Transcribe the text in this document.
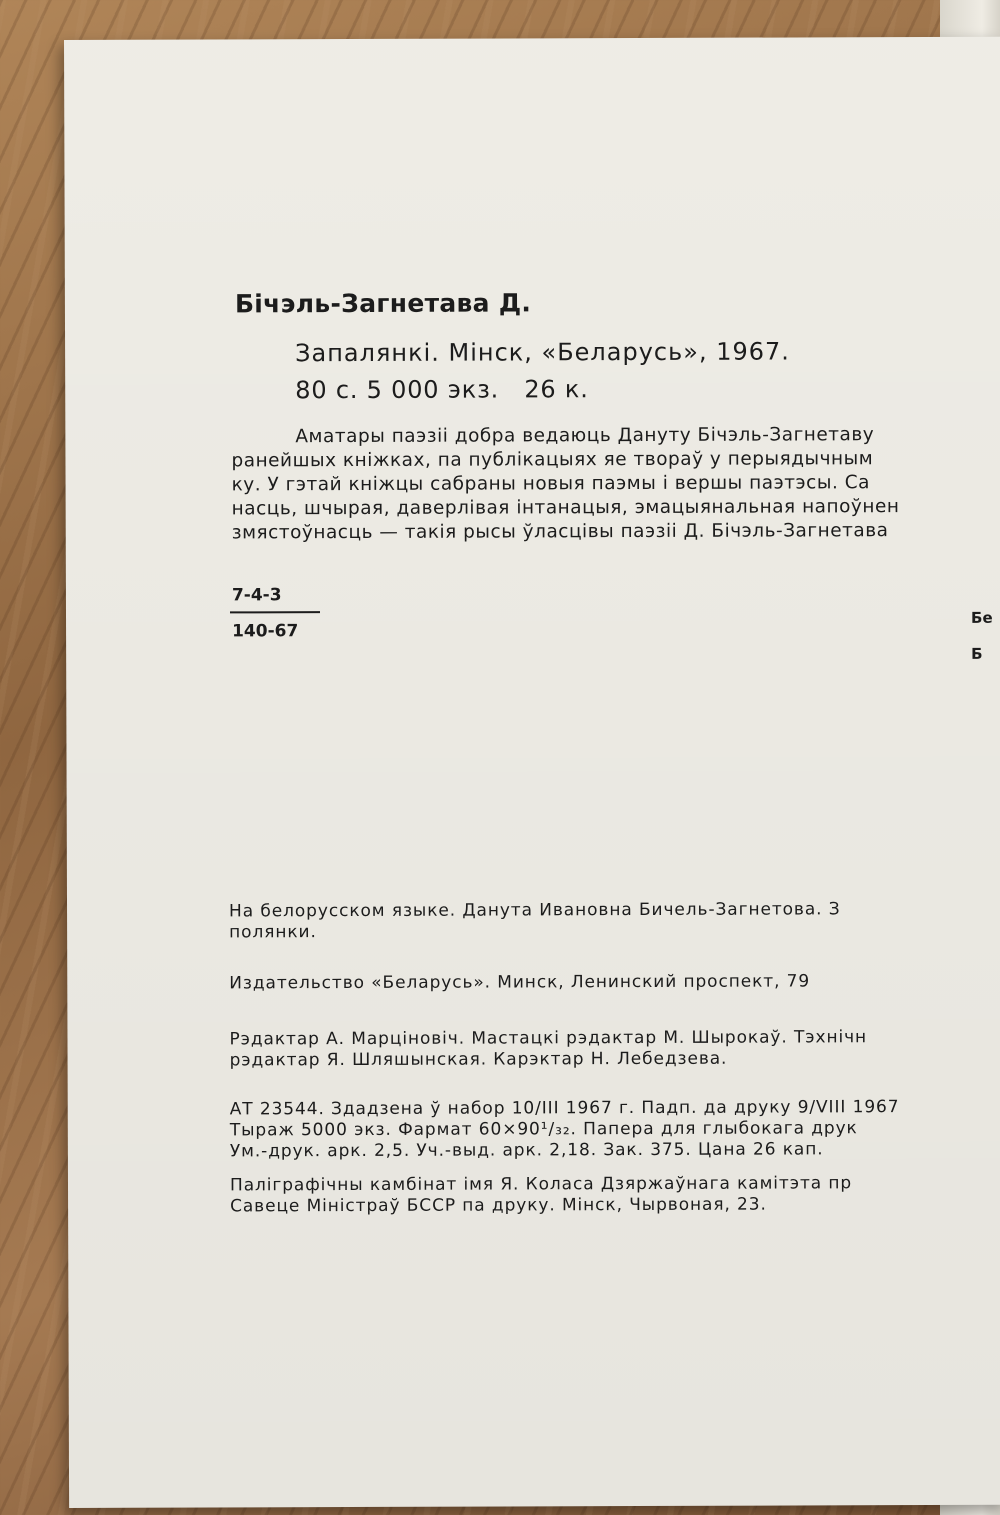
Бічэль-Загнетава Д.
Запалянкі. Мінск, «Беларусь», 1967.
80 с. 5 000 экз.   26 к.
Аматары паэзіі добра ведаюць Дануту Бічэль-Загнетаву
ранейшых кніжках, па публікацыях яе твораў у перыядычным
ку. У гэтай кніжцы сабраны новыя паэмы і вершы паэтэсы. Са
насць, шчырая, даверлівая інтанацыя, эмацыянальная напоўнен
змястоўнасць — такія рысы ўласцівы паэзіі Д. Бічэль-Загнетава
7-4-3
140-67
Бе
Б
На белорусском языке. Данута Ивановна Бичель-Загнетова. З
полянки.
Издательство «Беларусь». Минск, Ленинский проспект, 79
Рэдактар А. Марціновіч. Мастацкі рэдактар М. Шырокаў. Тэхнічн
рэдактар Я. Шляшынская. Карэктар Н. Лебедзева.
АТ 23544. Здадзена ў набор 10/III 1967 г. Падп. да друку 9/VIII 1967
Тыраж 5000 экз. Фармат 60×90¹/₃₂. Папера для глыбокага друк
Ум.-друк. арк. 2,5. Уч.-выд. арк. 2,18. Зак. 375. Цана 26 кап.
Паліграфічны камбінат імя Я. Коласа Дзяржаўнага камітэта пр
Савеце Міністраў БССР па друку. Мінск, Чырвоная, 23.
